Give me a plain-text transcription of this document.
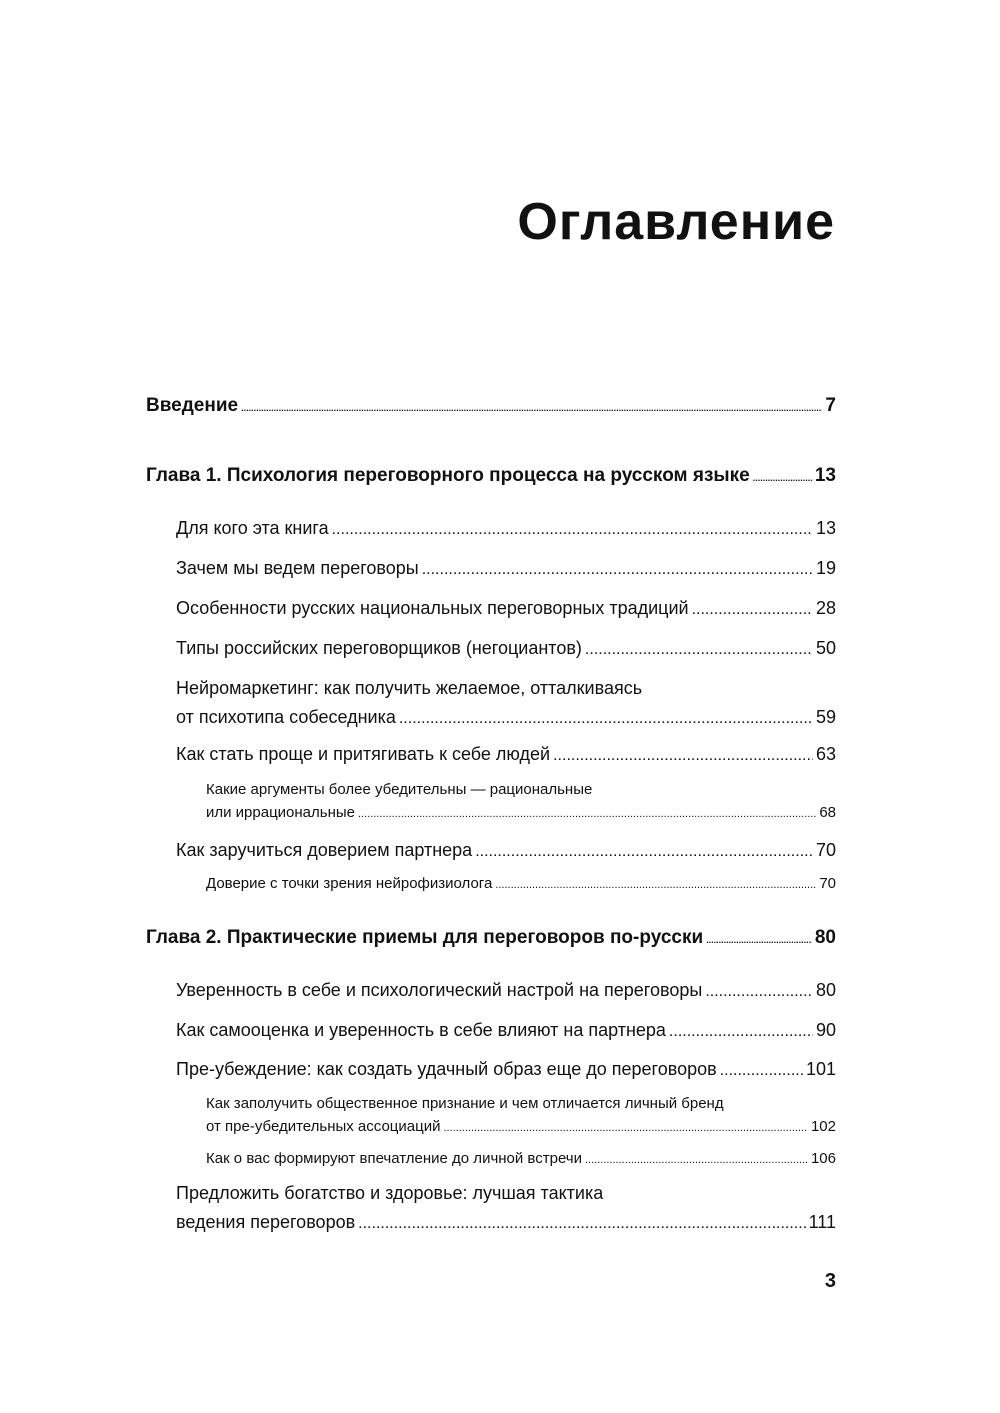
Оглавление
Введение .....	7
Глава 1. Психология переговорного процесса на русском языке .....	13
Для кого эта книга .....	13
Зачем мы ведем переговоры .....	19
Особенности русских национальных переговорных традиций .....	28
Типы российских переговорщиков (негоциантов) .....	50
Нейромаркетинг: как получить желаемое, отталкиваясь
от психотипа собеседника .....	59
Как стать проще и притягивать к себе людей .....	63
Какие аргументы более убедительны — рациональные
или иррациональные .....	68
Как заручиться доверием партнера .....	70
Доверие с точки зрения нейрофизиолога .....	70
Глава 2. Практические приемы для переговоров по-русски .....	80
Уверенность в себе и психологический настрой на переговоры .....	80
Как самооценка и уверенность в себе влияют на партнера .....	90
Пре-убеждение: как создать удачный образ еще до переговоров .....	101
Как заполучить общественное признание и чем отличается личный бренд
от пре-убедительных ассоциаций .....	102
Как о вас формируют впечатление до личной встречи .....	106
Предложить богатство и здоровье: лучшая тактика
ведения переговоров .....	111
3
